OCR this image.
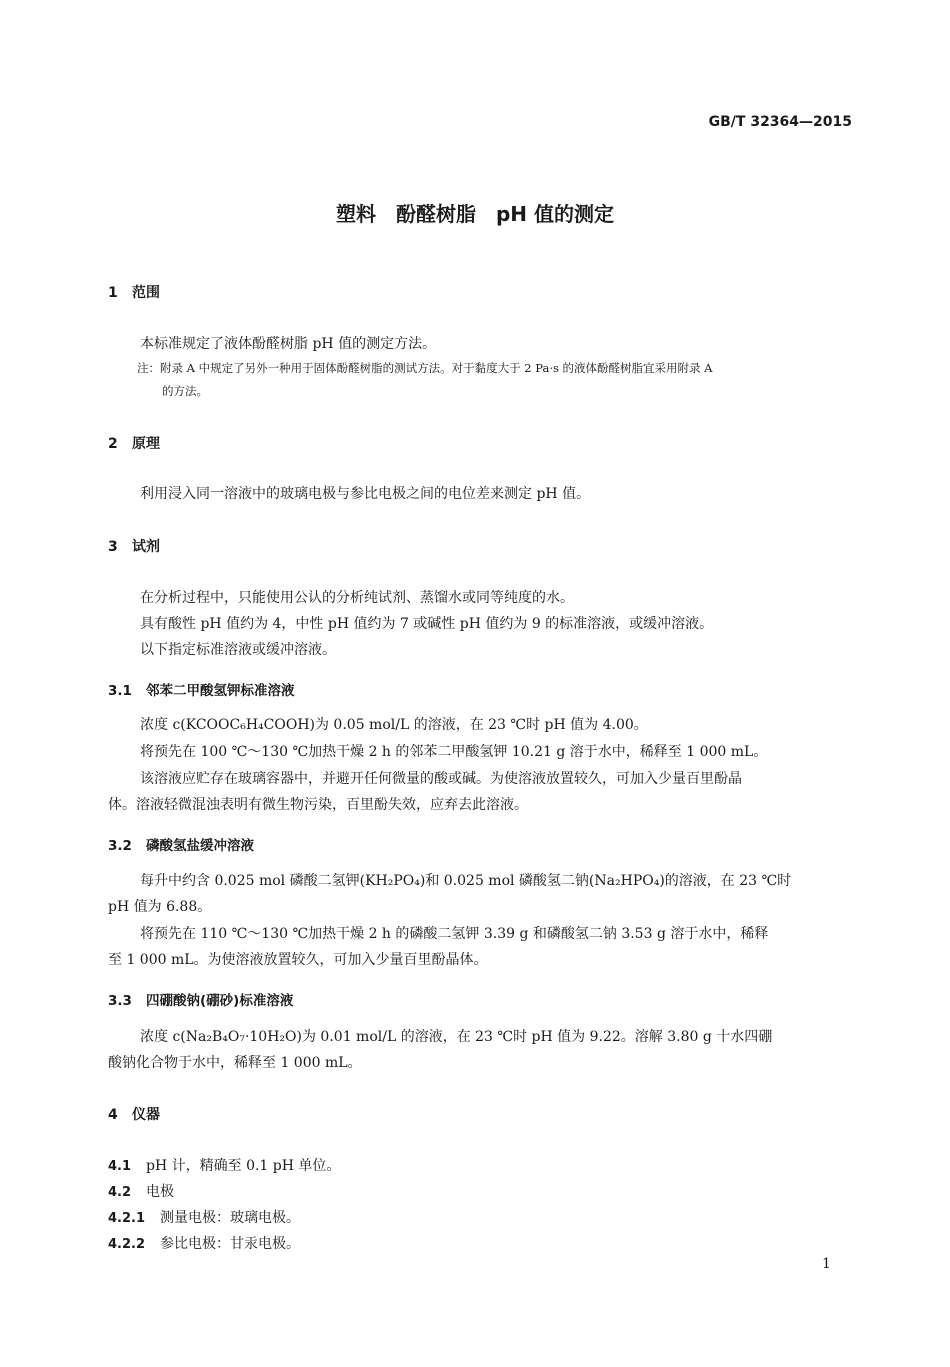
GB/T 32364—2015
塑料　酚醛树脂　pH 值的测定
1 范围
本标准规定了液体酚醛树脂 pH 值的测定方法。
注：附录 A 中规定了另外一种用于固体酚醛树脂的测试方法。对于黏度大于 2 Pa·s 的液体酚醛树脂宜采用附录 A
的方法。
2 原理
利用浸入同一溶液中的玻璃电极与参比电极之间的电位差来测定 pH 值。
3 试剂
在分析过程中，只能使用公认的分析纯试剂、蒸馏水或同等纯度的水。
具有酸性 pH 值约为 4，中性 pH 值约为 7 或碱性 pH 值约为 9 的标准溶液，或缓冲溶液。
以下指定标准溶液或缓冲溶液。
3.1 邻苯二甲酸氢钾标准溶液
浓度 c(KCOOC₆H₄COOH)为 0.05 mol/L 的溶液，在 23 ℃时 pH 值为 4.00。
将预先在 100 ℃～130 ℃加热干燥 2 h 的邻苯二甲酸氢钾 10.21 g 溶于水中，稀释至 1 000 mL。
该溶液应贮存在玻璃容器中，并避开任何微量的酸或碱。为使溶液放置较久，可加入少量百里酚晶
体。溶液轻微混浊表明有微生物污染，百里酚失效，应弃去此溶液。
3.2 磷酸氢盐缓冲溶液
每升中约含 0.025 mol 磷酸二氢钾(KH₂PO₄)和 0.025 mol 磷酸氢二钠(Na₂HPO₄)的溶液，在 23 ℃时
pH 值为 6.88。
将预先在 110 ℃～130 ℃加热干燥 2 h 的磷酸二氢钾 3.39 g 和磷酸氢二钠 3.53 g 溶于水中，稀释
至 1 000 mL。为使溶液放置较久，可加入少量百里酚晶体。
3.3 四硼酸钠(硼砂)标准溶液
浓度 c(Na₂B₄O₇·10H₂O)为 0.01 mol/L 的溶液，在 23 ℃时 pH 值为 9.22。溶解 3.80 g 十水四硼
酸钠化合物于水中，稀释至 1 000 mL。
4 仪器
4.1 pH 计，精确至 0.1 pH 单位。
4.2 电极
4.2.1 测量电极：玻璃电极。
4.2.2 参比电极：甘汞电极。
1
